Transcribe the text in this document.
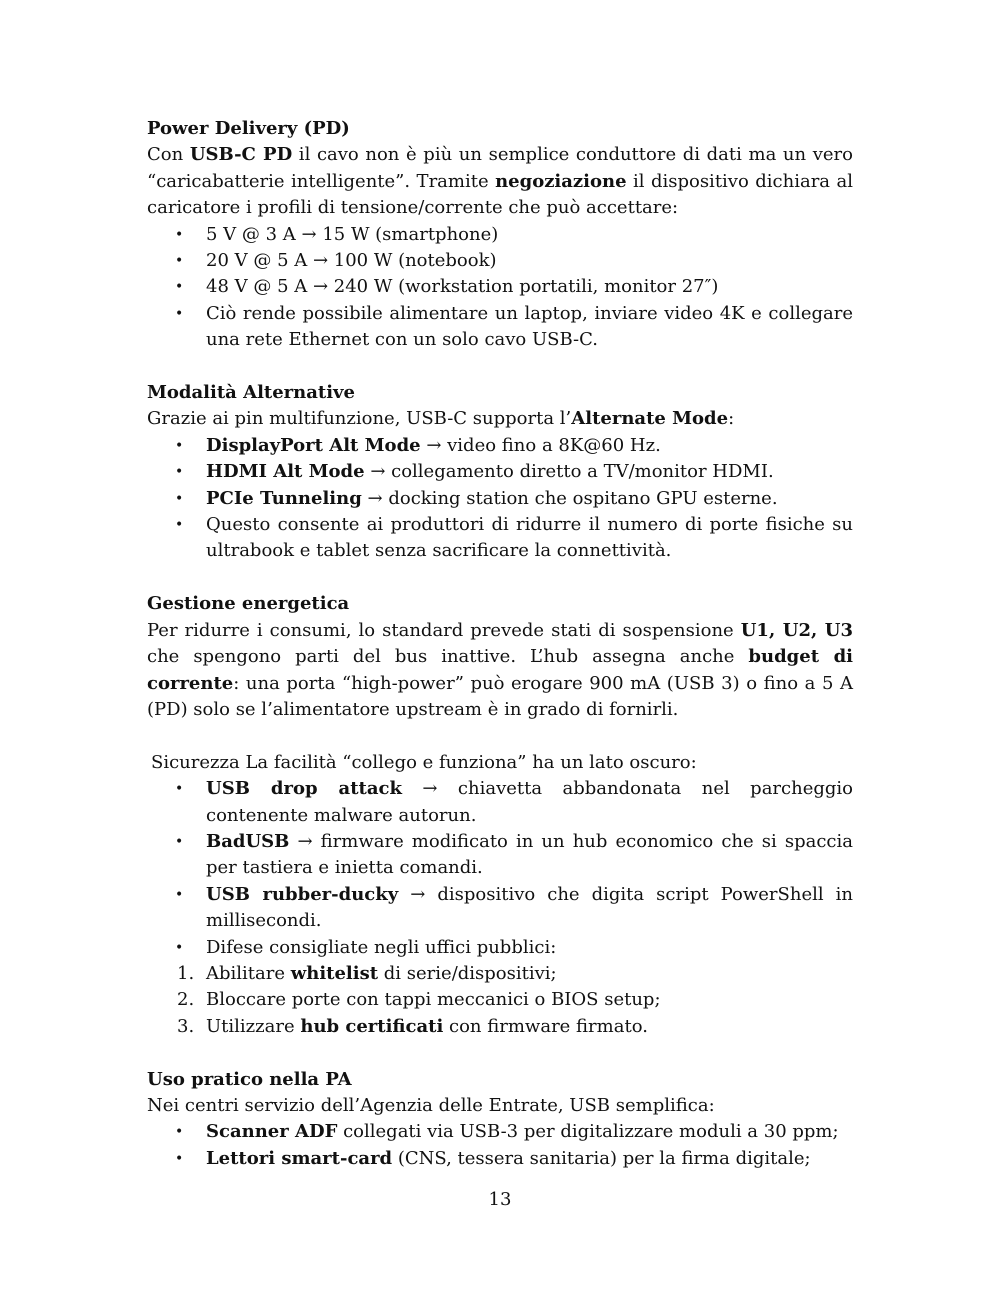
Power Delivery (PD)

Con USB-C PD il cavo non è più un semplice conduttore di dati ma un vero “caricabatterie intelligente”. Tramite negoziazione il dispositivo dichiara al caricatore i profili di tensione/corrente che può accettare:

• 5 V @ 3 A → 15 W (smartphone)
• 20 V @ 5 A → 100 W (notebook)
• 48 V @ 5 A → 240 W (workstation portatili, monitor 27″)
• Ciò rende possibile alimentare un laptop, inviare video 4K e collegare una rete Ethernet con un solo cavo USB-C.

Modalità Alternative

Grazie ai pin multifunzione, USB-C supporta l’Alternate Mode:

• DisplayPort Alt Mode → video fino a 8K@60 Hz.
• HDMI Alt Mode → collegamento diretto a TV/monitor HDMI.
• PCIe Tunneling → docking station che ospitano GPU esterne.
• Questo consente ai produttori di ridurre il numero di porte fisiche su ultrabook e tablet senza sacrificare la connettività.

Gestione energetica

Per ridurre i consumi, lo standard prevede stati di sospensione U1, U2, U3 che spengono parti del bus inattive. L’hub assegna anche budget di corrente: una porta “high-power” può erogare 900 mA (USB 3) o fino a 5 A (PD) solo se l’alimentatore upstream è in grado di fornirli.

Sicurezza La facilità “collego e funziona” ha un lato oscuro:

• USB drop attack → chiavetta abbandonata nel parcheggio contenente malware autorun.
• BadUSB → firmware modificato in un hub economico che si spaccia per tastiera e inietta comandi.
• USB rubber-ducky → dispositivo che digita script PowerShell in millisecondi.
• Difese consigliate negli uffici pubblici:
1. Abilitare whitelist di serie/dispositivi;
2. Bloccare porte con tappi meccanici o BIOS setup;
3. Utilizzare hub certificati con firmware firmato.

Uso pratico nella PA

Nei centri servizio dell’Agenzia delle Entrate, USB semplifica:

• Scanner ADF collegati via USB-3 per digitalizzare moduli a 30 ppm;
• Lettori smart-card (CNS, tessera sanitaria) per la firma digitale;
13
